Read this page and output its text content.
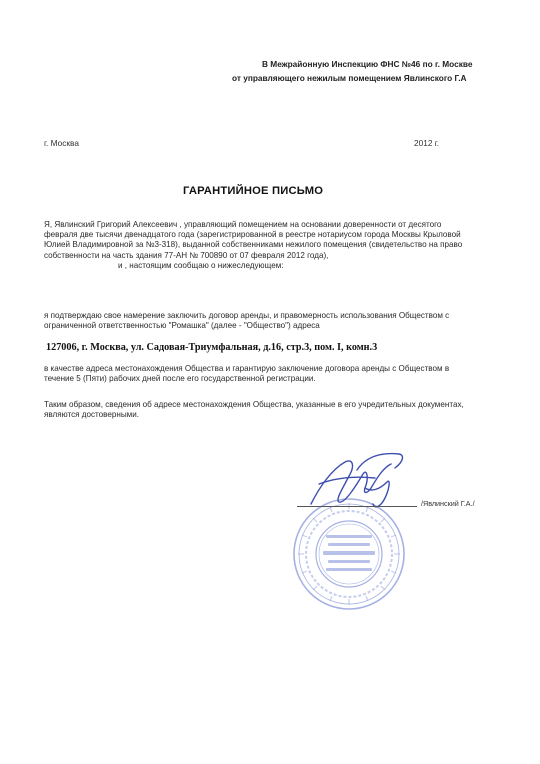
В Межрайонную Инспекцию ФНС №46 по г. Москве
от управляющего нежилым помещением Явлинского Г.А
г. Москва	2012 г.
ГАРАНТИЙНОЕ ПИСЬМО
Я, Явлинский Григорий Алексеевич , управляющий помещением на основании доверенности от десятого
февраля две тысячи двенадцатого года (зарегистрированной в реестре нотариусом города Москвы Крыловой
Юлией Владимировной за №3-318), выданной собственниками нежилого помещения (свидетельство на право
собственности на часть здания 77-АН № 700890 от 07 февраля 2012 года),
и , настоящим сообщаю о нижеследующем:
я подтверждаю свое намерение заключить договор аренды, и правомерность использования Обществом с
ограниченной ответственностью "Ромашка" (далее - "Общество") адреса
127006, г. Москва, ул. Садовая-Триумфальная, д.16, стр.3, пом. I, комн.3
в качестве адреса местонахождения Общества и гарантирую заключение договора аренды с Обществом в
течение 5 (Пяти) рабочих дней после его государственной регистрации.
Таким образом, сведения об адресе местонахождения Общества, указанные в его учредительных документах,
являются достоверными.
/Явлинский Г.А./
